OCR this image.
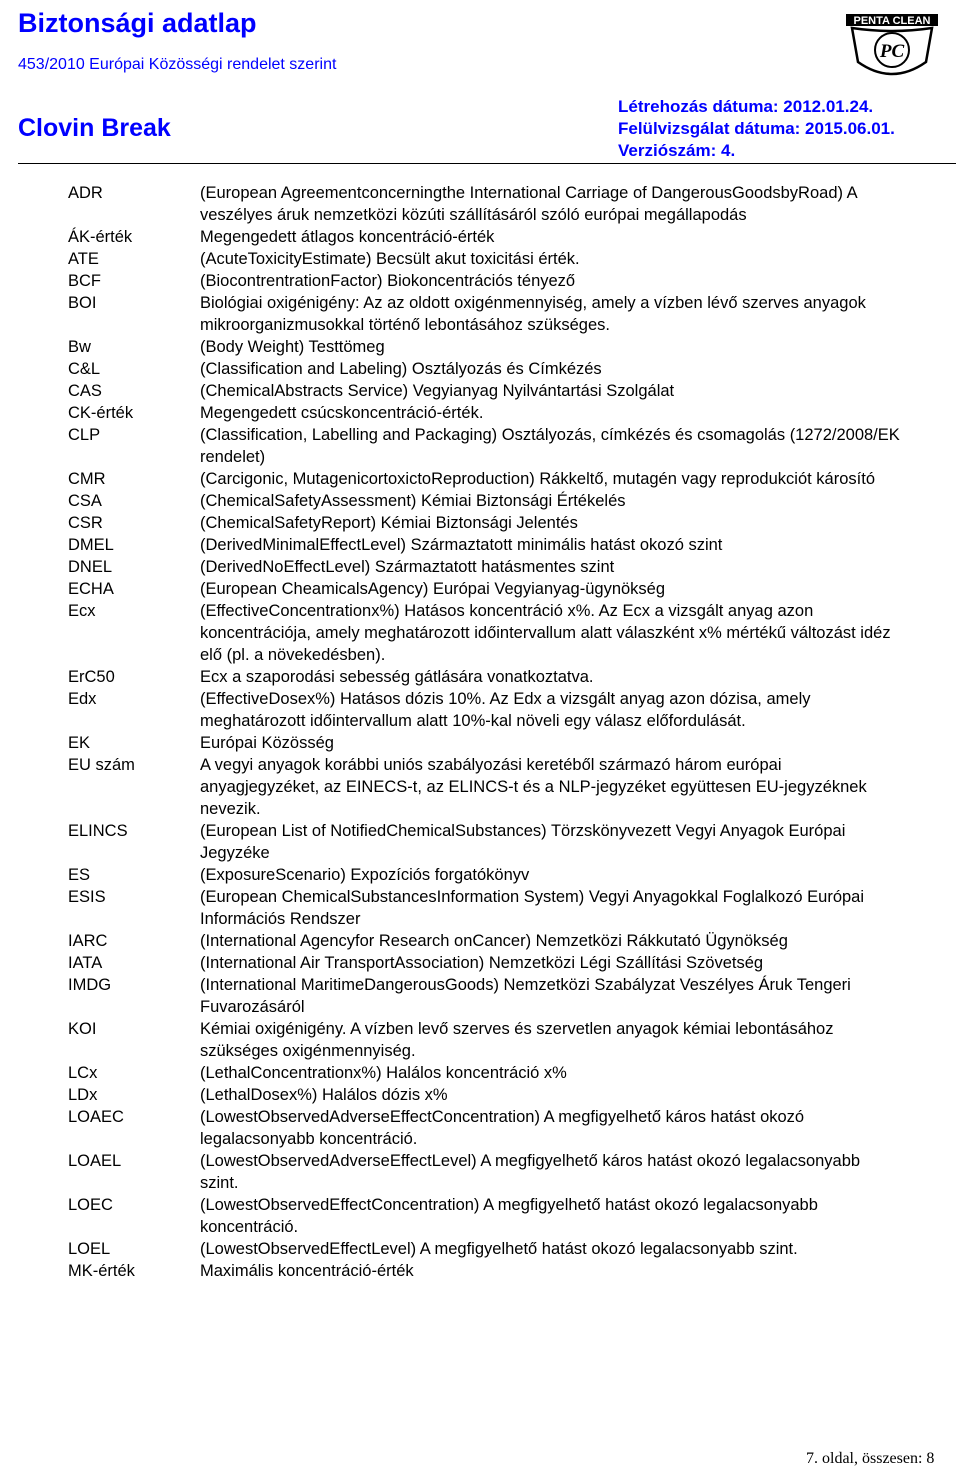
Biztonsági adatlap
453/2010 Európai Közösségi rendelet szerint
Clovin Break
Létrehozás dátuma: 2012.01.24.
Felülvizsgálat dátuma: 2015.06.01.
Verziószám: 4.
PENTA CLEAN
PC
ADR	(European Agreementconcerningthe International Carriage of DangerousGoodsbyRoad) A veszélyes áruk nemzetközi közúti szállításáról szóló európai megállapodás
ÁK-érték	Megengedett átlagos koncentráció-érték
ATE	(AcuteToxicityEstimate) Becsült akut toxicitási érték.
BCF	(BiocontrentrationFactor) Biokoncentrációs tényező
BOI	Biológiai oxigénigény: Az az oldott oxigénmennyiség, amely a vízben lévő szerves anyagok mikroorganizmusokkal történő lebontásához szükséges.
Bw	(Body Weight) Testtömeg
C&L	(Classification and Labeling) Osztályozás és Címkézés
CAS	(ChemicalAbstracts Service) Vegyianyag Nyilvántartási Szolgálat
CK-érték	Megengedett csúcskoncentráció-érték.
CLP	(Classification, Labelling and Packaging) Osztályozás, címkézés és csomagolás (1272/2008/EK rendelet)
CMR	(Carcigonic, MutagenicortoxictoReproduction) Rákkeltő, mutagén vagy reprodukciót károsító
CSA	(ChemicalSafetyAssessment) Kémiai Biztonsági Értékelés
CSR	(ChemicalSafetyReport) Kémiai Biztonsági Jelentés
DMEL	(DerivedMinimalEffectLevel) Származtatott minimális hatást okozó szint
DNEL	(DerivedNoEffectLevel) Származtatott hatásmentes szint
ECHA	(European CheamicalsAgency) Európai Vegyianyag-ügynökség
Ecx	(EffectiveConcentrationx%) Hatásos koncentráció x%. Az Ecx a vizsgált anyag azon koncentrációja, amely meghatározott időintervallum alatt válaszként x% mértékű változást idéz elő (pl. a növekedésben).
ErC50	Ecx a szaporodási sebesség gátlására vonatkoztatva.
Edx	(EffectiveDosex%) Hatásos dózis 10%. Az Edx a vizsgált anyag azon dózisa, amely meghatározott időintervallum alatt 10%-kal növeli egy válasz előfordulását.
EK	Európai Közösség
EU szám	A vegyi anyagok korábbi uniós szabályozási keretéből származó három európai anyagjegyzéket, az EINECS-t, az ELINCS-t és a NLP-jegyzéket együttesen EU-jegyzéknek nevezik.
ELINCS	(European List of NotifiedChemicalSubstances) Törzskönyvezett Vegyi Anyagok Európai Jegyzéke
ES	(ExposureScenario) Expozíciós forgatókönyv
ESIS	(European ChemicalSubstancesInformation System) Vegyi Anyagokkal Foglalkozó Európai Információs Rendszer
IARC	(International Agencyfor Research onCancer) Nemzetközi Rákkutató Ügynökség
IATA	(International Air TransportAssociation) Nemzetközi Légi Szállítási Szövetség
IMDG	(International MaritimeDangerousGoods) Nemzetközi Szabályzat Veszélyes Áruk Tengeri Fuvarozásáról
KOI	Kémiai oxigénigény. A vízben levő szerves és szervetlen anyagok kémiai lebontásához szükséges oxigénmennyiség.
LCx	(LethalConcentrationx%) Halálos koncentráció x%
LDx	(LethalDosex%) Halálos dózis x%
LOAEC	(LowestObservedAdverseEffectConcentration) A megfigyelhető káros hatást okozó legalacsonyabb koncentráció.
LOAEL	(LowestObservedAdverseEffectLevel) A megfigyelhető káros hatást okozó legalacsonyabb szint.
LOEC	(LowestObservedEffectConcentration) A megfigyelhető hatást okozó legalacsonyabb koncentráció.
LOEL	(LowestObservedEffectLevel) A megfigyelhető hatást okozó legalacsonyabb szint.
MK-érték	Maximális koncentráció-érték
7. oldal, összesen: 8
